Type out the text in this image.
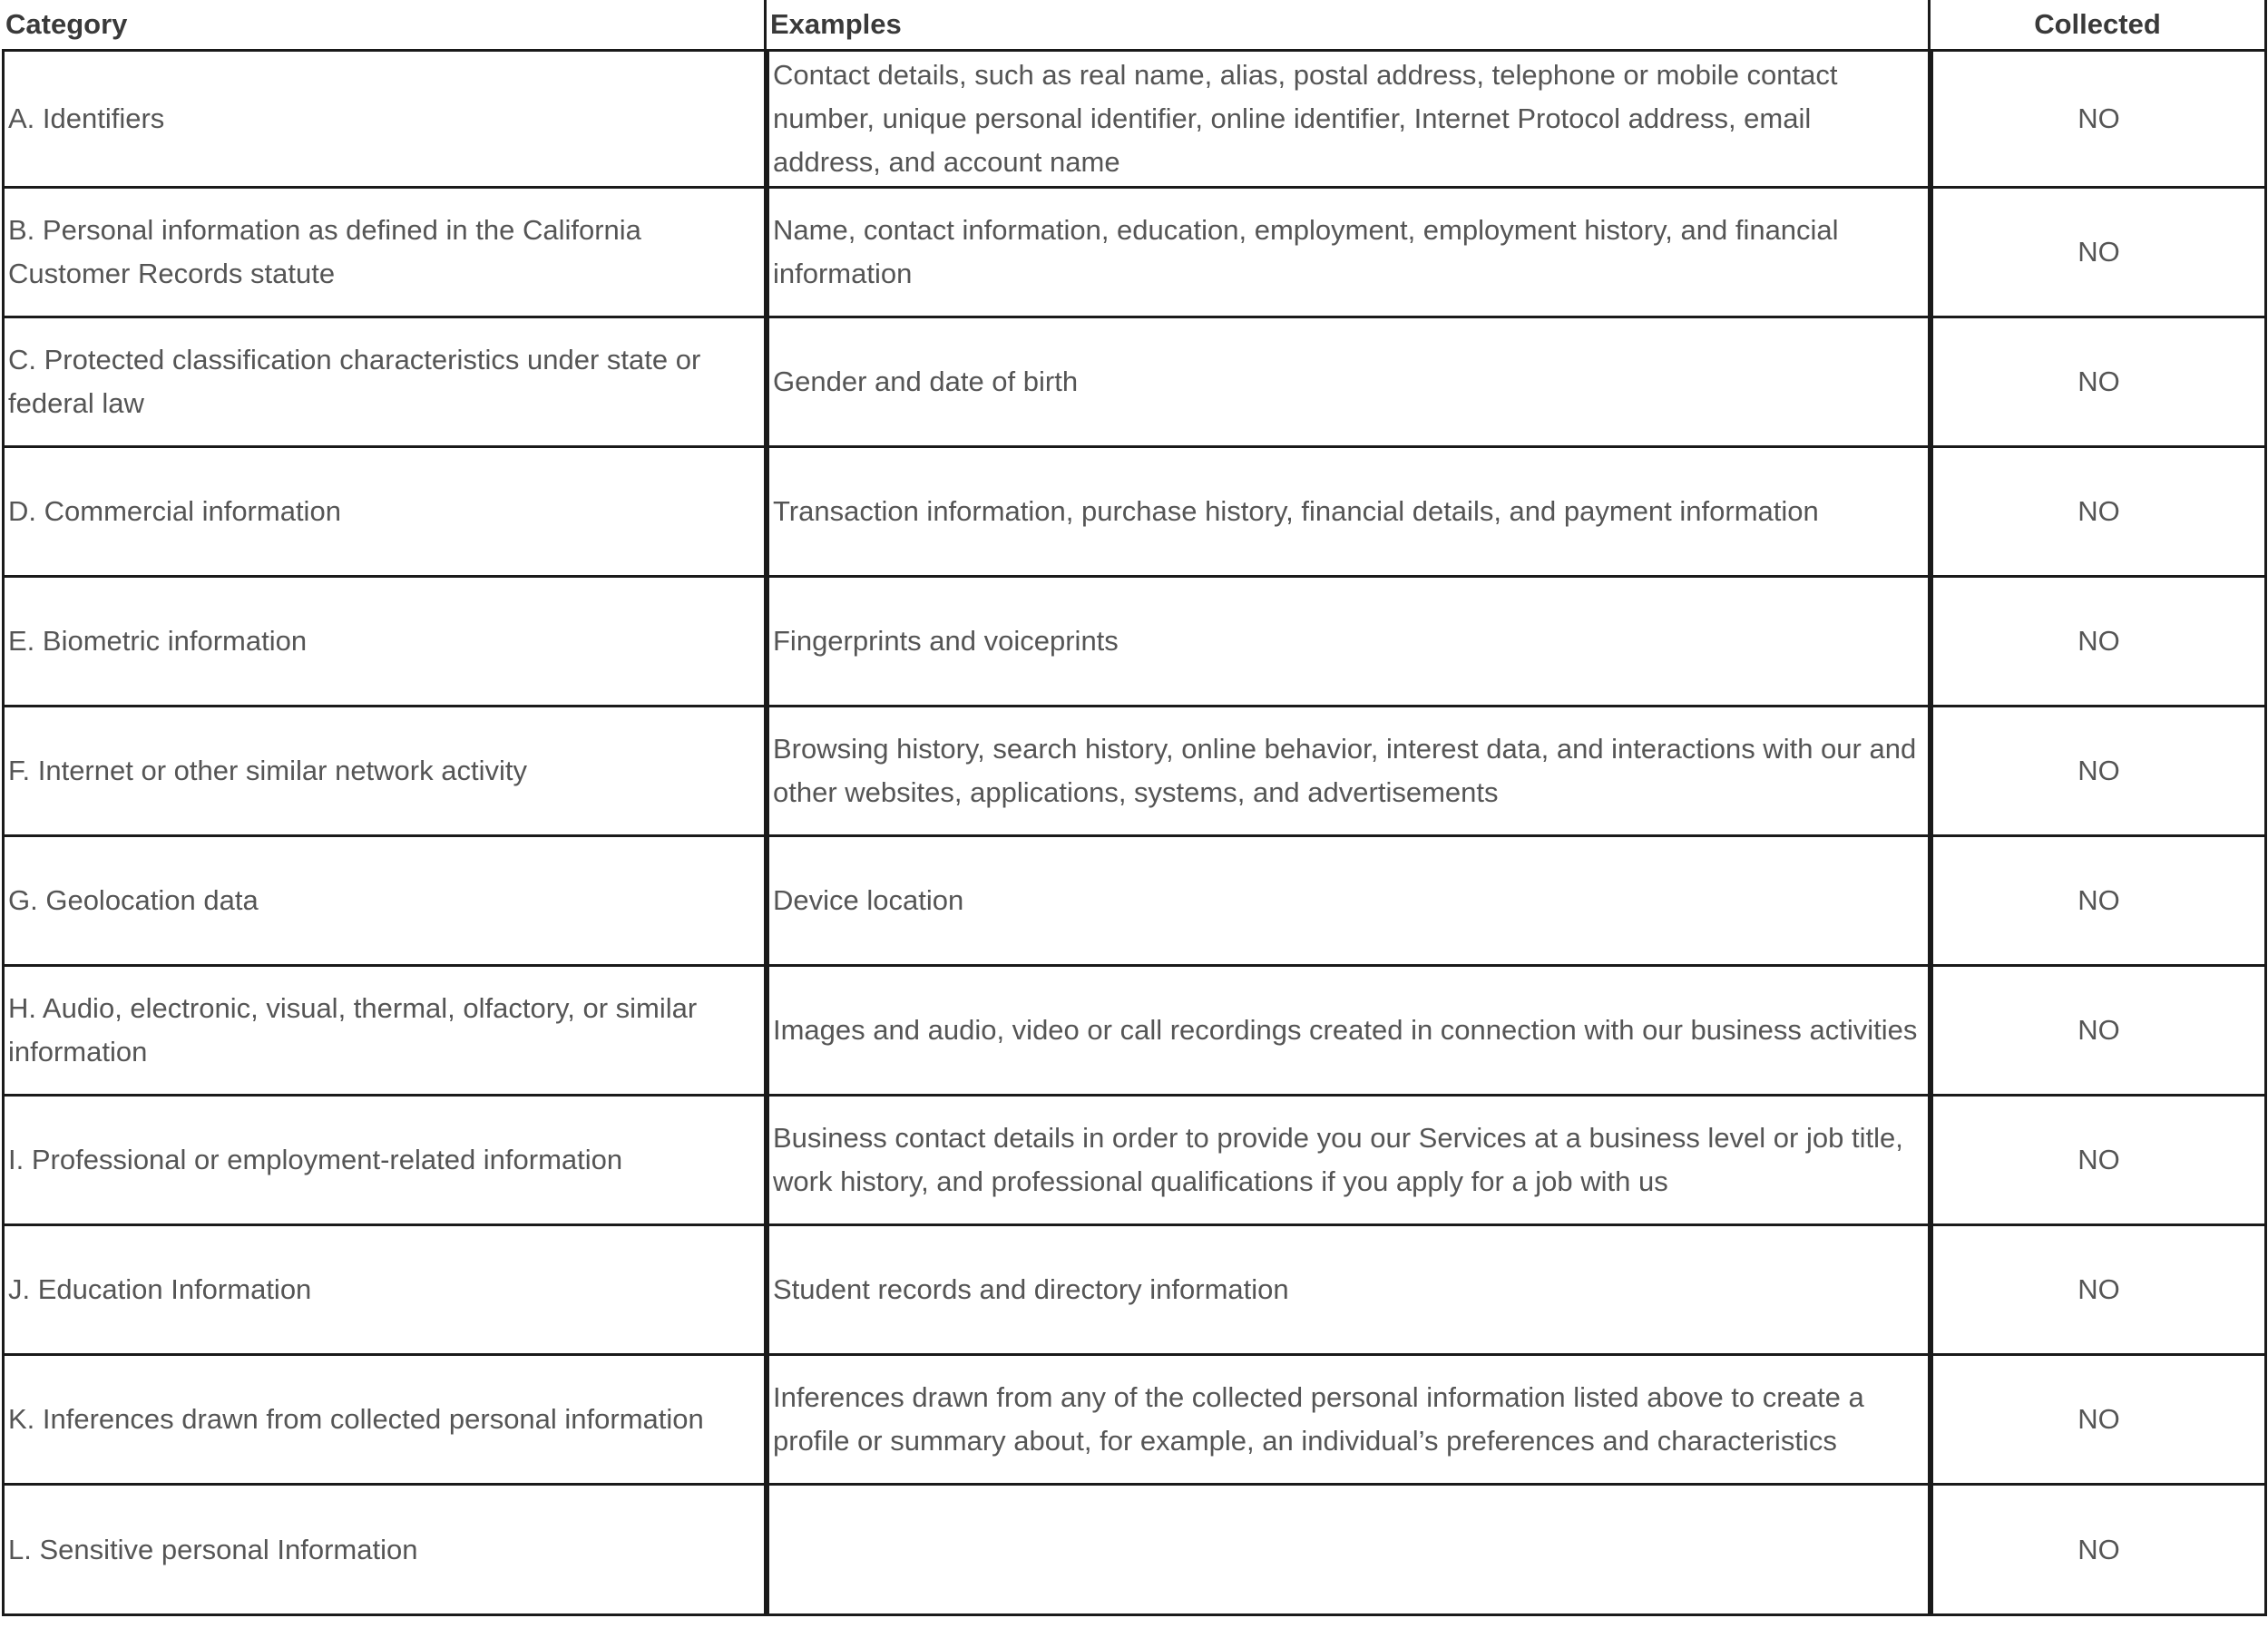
Category	Examples	Collected
A. Identifiers	Contact details, such as real name, alias, postal address, telephone or mobile contact number, unique personal identifier, online identifier, Internet Protocol address, email address, and account name	NO
B. Personal information as defined in the California Customer Records statute	Name, contact information, education, employment, employment history, and financial information	NO
C. Protected classification characteristics under state or federal law	Gender and date of birth	NO
D. Commercial information	Transaction information, purchase history, financial details, and payment information	NO
E. Biometric information	Fingerprints and voiceprints	NO
F. Internet or other similar network activity	Browsing history, search history, online behavior, interest data, and interactions with our and other websites, applications, systems, and advertisements	NO
G. Geolocation data	Device location	NO
H. Audio, electronic, visual, thermal, olfactory, or similar information	Images and audio, video or call recordings created in connection with our business activities	NO
I. Professional or employment-related information	Business contact details in order to provide you our Services at a business level or job title, work history, and professional qualifications if you apply for a job with us	NO
J. Education Information	Student records and directory information	NO
K. Inferences drawn from collected personal information	Inferences drawn from any of the collected personal information listed above to create a profile or summary about, for example, an individual’s preferences and characteristics	NO
L. Sensitive personal Information		NO
